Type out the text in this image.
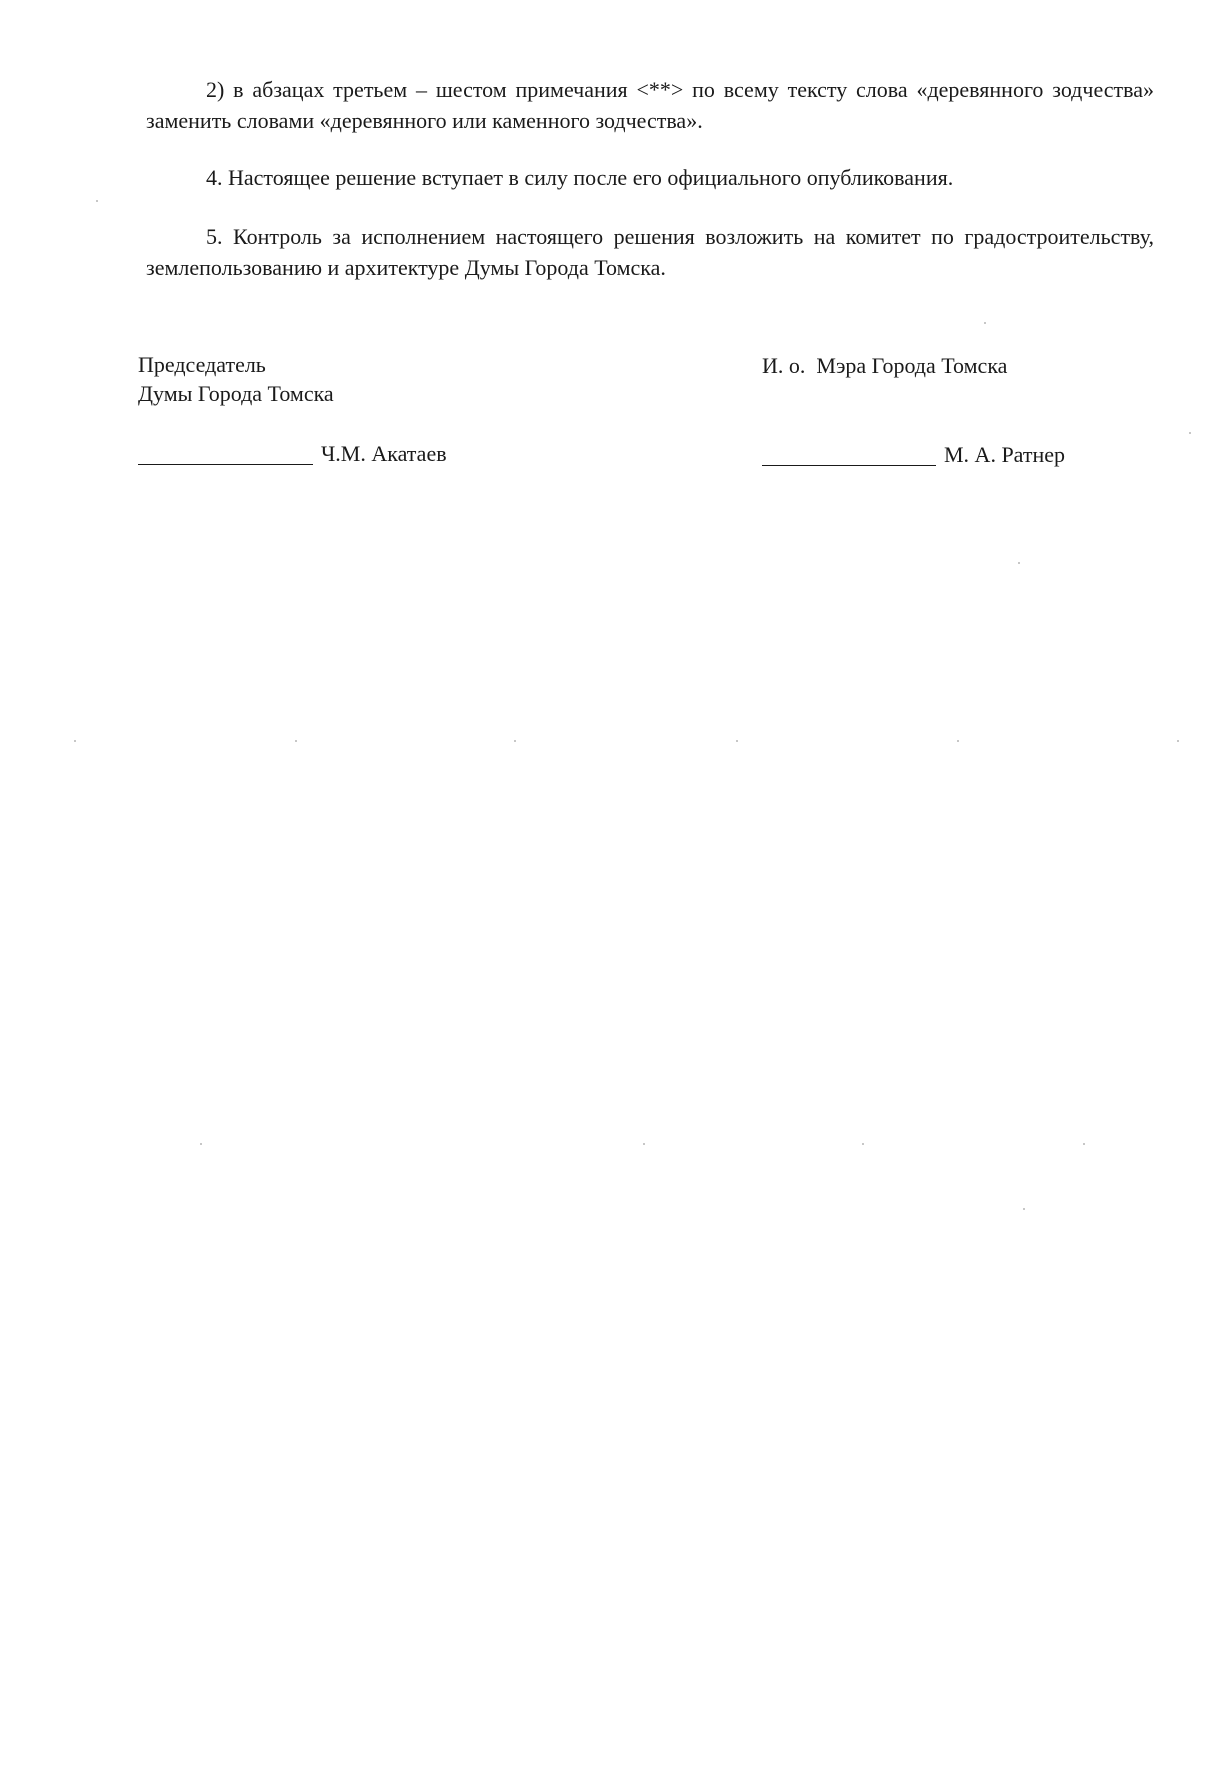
2) в абзацах третьем – шестом примечания <**> по всему тексту слова «деревянного зодчества» заменить словами «деревянного или каменного зодчества».

4. Настоящее решение вступает в силу после его официального опубликования.

5. Контроль за исполнением настоящего решения возложить на комитет по градостроительству, землепользованию и архитектуре Думы Города Томска.

Председатель
Думы Города Томска
И. о.  Мэра Города Томска
Ч.М. Акатаев	М. А. Ратнер
